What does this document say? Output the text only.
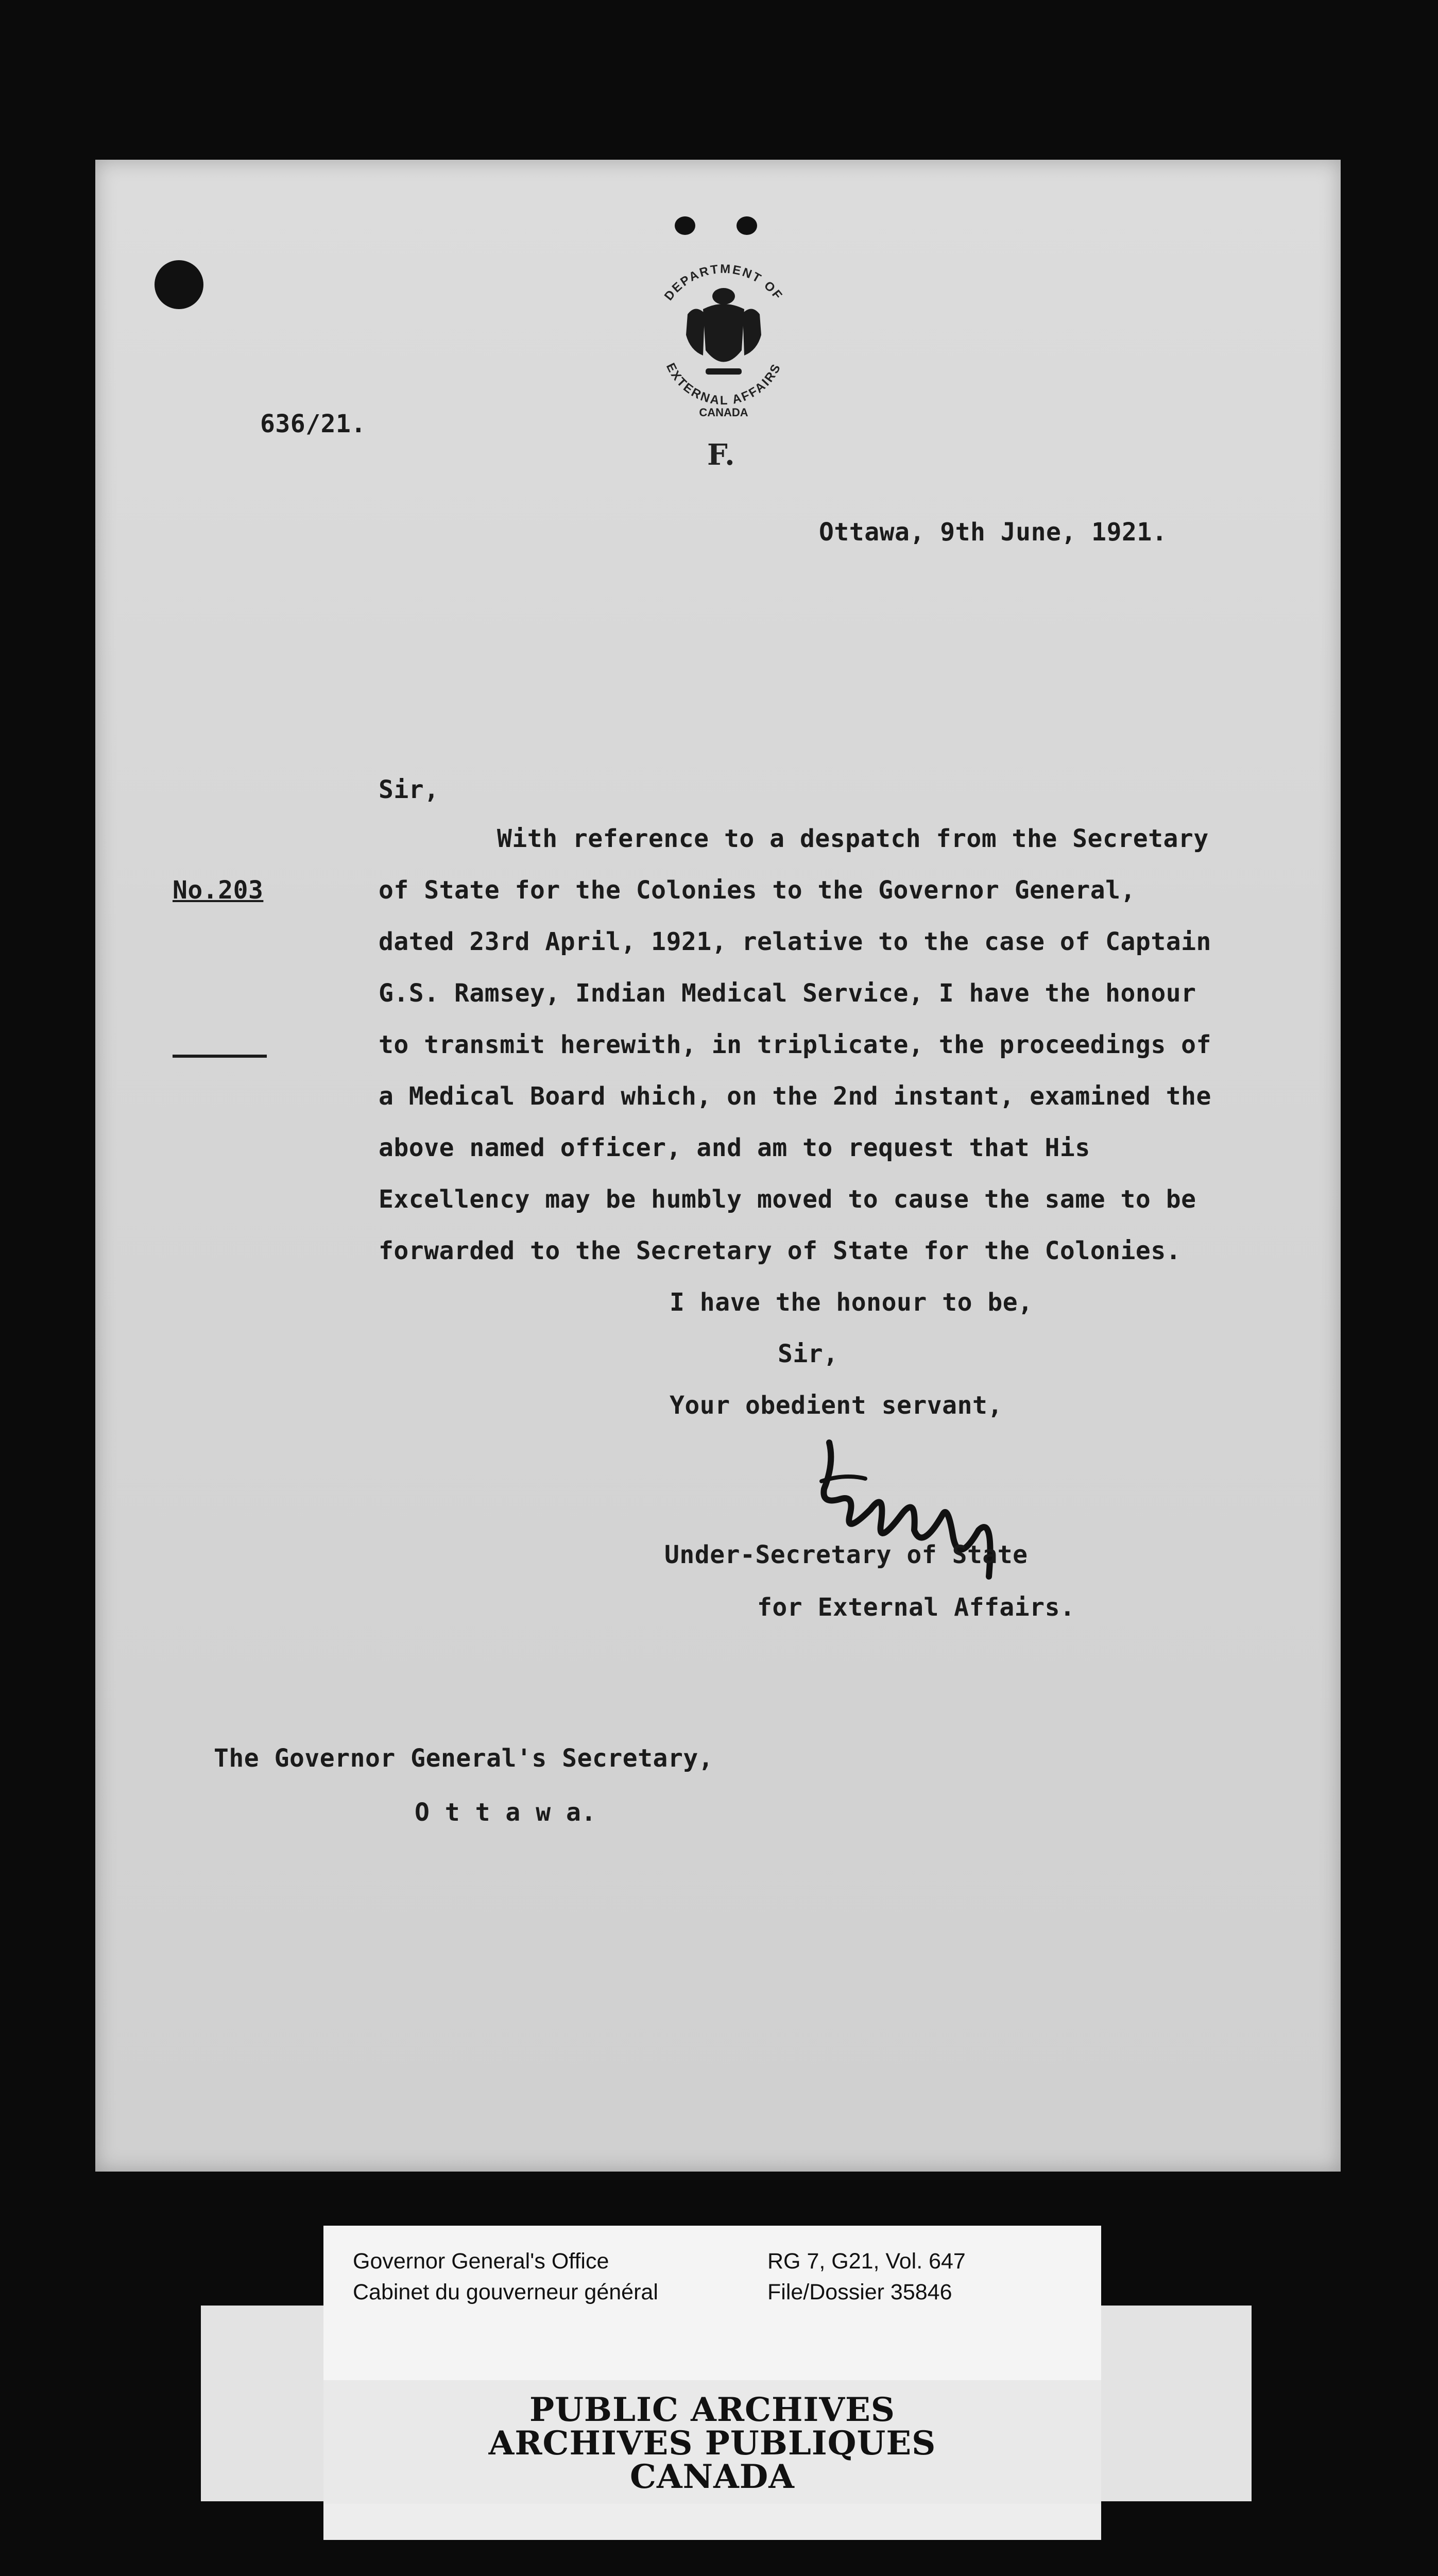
DEPARTMENT OF
EXTERNAL AFFAIRS
CANADA
F.
636/21.
Ottawa, 9th June, 1921.
Sir,
No.203
With reference to a despatch from the Secretary
of State for the Colonies to the Governor General,
dated 23rd April, 1921, relative to the case of Captain
G.S. Ramsey, Indian Medical Service, I have the honour
to transmit herewith, in triplicate, the proceedings of
a Medical Board which, on the 2nd instant, examined the
above named officer, and am to request that His
Excellency may be humbly moved to cause the same to be
forwarded to the Secretary of State for the Colonies.
I have the honour to be,
Sir,
Your obedient servant,
Under-Secretary of State
for External Affairs.
The Governor General's Secretary,
O t t a w a.
Governor General's Office
Cabinet du gouverneur général
RG 7, G21, Vol. 647
File/Dossier 35846
PUBLIC ARCHIVES
ARCHIVES PUBLIQUES
CANADA
